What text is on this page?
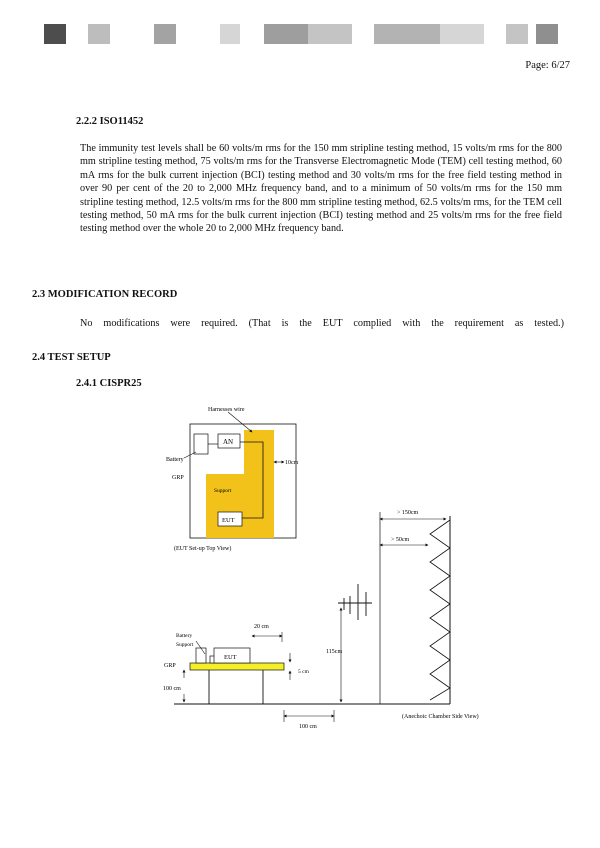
Page: 6/27
2.2.2 ISO11452

The immunity test levels shall be 60 volts/m rms for the 150 mm stripline testing method, 15 volts/m rms for the 800 mm stripline testing method, 75 volts/m rms for the Transverse Electromagnetic Mode (TEM) cell testing method, 60 mA rms for the bulk current injection (BCI) testing method and 30 volts/m rms for the free field testing method in over 90 per cent of the 20 to 2,000 MHz frequency band, and to a minimum of 50 volts/m rms for the 150 mm stripline testing method, 12.5 volts/m rms for the 800 mm stripline testing method, 62.5 volts/m rms, for the TEM cell testing method, 50 mA rms for the bulk current injection (BCI) testing method and 25 volts/m rms for the free field testing method over the whole 20 to 2,000 MHz frequency band.

2.3 MODIFICATION RECORD

No modifications were required. (That is the EUT complied with the requirement as tested.)

2.4 TEST SETUP
2.4.1 CISPR25
AN
EUT
Support
Harnesses wire
Battery
GRP
10cm
(EUT Set-up Top View)
> 150cm
> 50cm
115cm
EUT
20 cm
Battery
Support
GRP
5 cm
100 cm
100 cm
(Anechoic Chamber Side View)
